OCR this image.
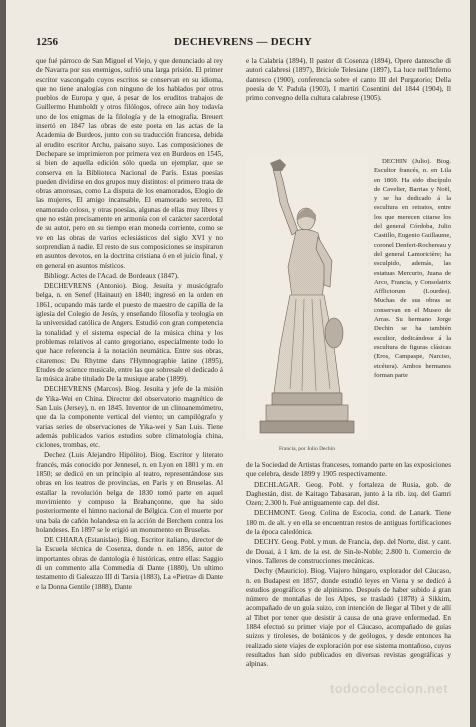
1256	DECHEVRENS — DECHY

que fué párroco de San Miguel el Viejo, y que denunciado al rey de Navarra por sus enemigos, sufrió una larga prisión. El primer escritor vascongado cuyos escritos se conservan en su idioma, que no tiene analogías con ninguno de los hablados por otros pueblos de Europa y que, á pesar de los eruditos trabajos de Guillermo Humboldt y otros filólogos, ofrece aún hoy todavía uno de los enigmas de la filología y de la etnografía. Breuert insertó en 1847 las obras de este poeta en las actas de la Academia de Burdeos, junto con su traducción francesa, debida al erudito escritor Archu, paisano suyo. Las composiciones de Dechepare se imprimieron por primera vez en Burdeos en 1545, si bien de aquella edición sólo queda un ejemplar, que se conserva en la Biblioteca Nacional de París. Estas poesías pueden dividirse en dos grupos muy distintos: el primero trata de obras amorosas, como La disputa de los enamorados, Elogio de las mujeres, El amigo incansable, El enamorado secreto, El enamorado celoso, y otras poesías, algunas de ellas muy libres y que no están precisamente en armonía con el carácter sacerdotal de su autor, pero en su tiempo eran moneda corriente, como se ve en las obras de varios eclesiásticos del siglo XVI y no sorprendían á nadie. El resto de sus composiciones se inspiraron en asuntos devotos, en la doctrina cristiana ó en el juicio final, y en general en asuntos místicos.

Bibliogr. Actes de l'Acad. de Bordeaux (1847).

DECHEVRENS (Antonio). Biog. Jesuíta y musicógrafo belga, n. en Senef (Hainaut) en 1840; ingresó en la orden en 1861, ocupando más tarde el puesto de maestro de capilla de la iglesia del Colegio de Jesús, y enseñando filosofía y teología en la universidad católica de Angers. Estudió con gran competencia la tonalidad y el sistema especial de la música china y los problemas relativos al canto gregoriano, especialmente todo lo que hace referencia á la notación neumática. Entre sus obras, citaremos: Du Rhytme dans l'Hymnographie latine (1895), Etudes de science musicale, entre las que sobresale el dedicado á la música árabe titulado De la musique arabe (1899).

DECHEVRENS (Marcos). Biog. Jesuíta y jefe de la misión de Yika-Wei en China. Director del observatorio magnético de San Luis (Jersey), n. en 1845. Inventor de un clinoanemómetro, que da la componente vertical del viento; un campilógrafo y varias series de observaciones de Yika-wei y San Luis. Tiene además publicados varios estudios sobre climatología china, ciclones, trombas, etc.

Dechez (Luis Alejandro Hipólito). Biog. Escritor y literato francés, más conocido por Jennesel, n. en Lyon en 1801 y m. en 1850; se dedicó en un principio al teatro, representándose sus obras en los teatros de provincias, en París y en Bruselas. Al estallar la revolución belga de 1830 tomó parte en aquel movimiento y compuso la Brabançonne, que ha sido posteriormente el himno nacional de Bélgica. Con el muerte por una bala de cañón holandesa en la acción de Berchem contra los holandeses. En 1897 se le erigió un monumento en Bruselas.

DE CHIARA (Estanislao). Biog. Escritor italiano, director de la Escuela técnica de Cosenza, donde n. en 1856, autor de importantes obras de dantología é históricas, entre ellas: Saggio di un commento alla Commedia di Dante (1880), Un ultimo testamento di Galeazzo III di Tarsia (1883), La «Pietra» di Dante e la Donna Gentile (1888), Dante

e la Calabria (1894), Il pastor di Cosenza (1894), Opere dantesche di autori calabresi (1897), Briciole Telesiane (1897), La luce nell'Inferno dantesco (1900), conferencia sobre el canto III del Purgatorio; Della poesía de V. Padula (1903), I martiri Cosentini del 1844 (1904), Il primo convegno della cultura calabrese (1905).

Francia, por Julio Dechin

DECHIN (Julio). Biog. Escultor francés, n. en Lila en 1869. Ha sido discípulo de Cavelier, Barrias y Noël, y se ha dedicado á la escultura en retratos, entre los que merecen citarse los del general Córdoba, Julio Castillo, Eugenio Guillaume, coronel Denfert-Rochereau y del general Lamoricière; ha esculpido, además, las estatuas Mercurio, Juana de Arco, Francia, y Consolatrix Afflictorum (Lourdes). Muchas de sus obras se conservan en el Museo de Arras. Su hermano Jorge Dechin se ha también escultor, dedicándose á la escultura de figuras clásicas (Eros, Campaspe, Narciso, etcétera). Ambos hermanos forman parte

de la Sociedad de Artistas franceses, tomando parte en las exposiciones que celebra, desde 1899 y 1905 respectivamente.

DECHLAGAR. Geog. Pobl. y fortaleza de Rusia, gob. de Daghestán, dist. de Kaitago Tabasaran, junto á la rib. izq. del Gamri Ozen; 2.300 h. Fué antiguamente cap. del dist.

DECHMONT. Geog. Colina de Escocia, cond. de Lanark. Tiene 180 m. de alt. y en ella se encuentran restos de antiguas fortificaciones de la época caledónica.

DECHY. Geog. Pobl. y mun. de Francia, dep. del Norte, dist. y cant. de Douai, á 1 km. de la est. de Sin-le-Noble; 2.800 h. Comercio de vinos. Talleres de construcciones mecánicas.

Dechy (Mauricio). Biog. Viajero húngaro, explorador del Cáucaso, n. en Budapest en 1857, donde estudió leyes en Viena y se dedicó á estudios geográficos y de alpinismo. Después de haber subido á gran número de montañas de los Alpes, se trasladó (1878) á Sikkim, acompañado de un guía suizo, con intención de llegar al Tibet y de allí al Tibet por tener que desistir á causa de una grave enfermedad. En 1884 efectuó su primer viaje por el Cáucaso, acompañado de guías suizos y tiroleses, de botánicos y de geólogos, y desde entonces ha realizado siete viajes de exploración por ese sistema montañoso, cuyos resultados han sido publicados en diversas revistas geográficas y alpinas.

todocoleccion.net
